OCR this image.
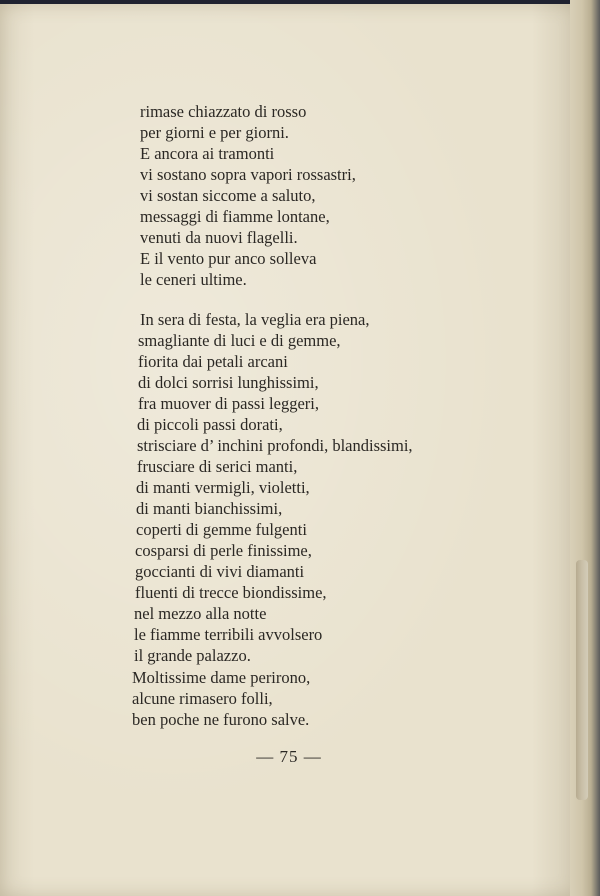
rimase chiazzato di rosso
per giorni e per giorni.
E ancora ai tramonti
vi sostano sopra vapori rossastri,
vi sostan siccome a saluto,
messaggi di fiamme lontane,
venuti da nuovi flagelli.
E il vento pur anco solleva
le ceneri ultime.
In sera di festa, la veglia era piena,
smagliante di luci e di gemme,
fiorita dai petali arcani
di dolci sorrisi lunghissimi,
fra muover di passi leggeri,
di piccoli passi dorati,
strisciare d’ inchini profondi, blandissimi,
frusciare di serici manti,
di manti vermigli, violetti,
di manti bianchissimi,
coperti di gemme fulgenti
cosparsi di perle finissime,
goccianti di vivi diamanti
fluenti di trecce biondissime,
nel mezzo alla notte
le fiamme terribili avvolsero
il grande palazzo.
Moltissime dame perirono,
alcune rimasero folli,
ben poche ne furono salve.
— 75 —
